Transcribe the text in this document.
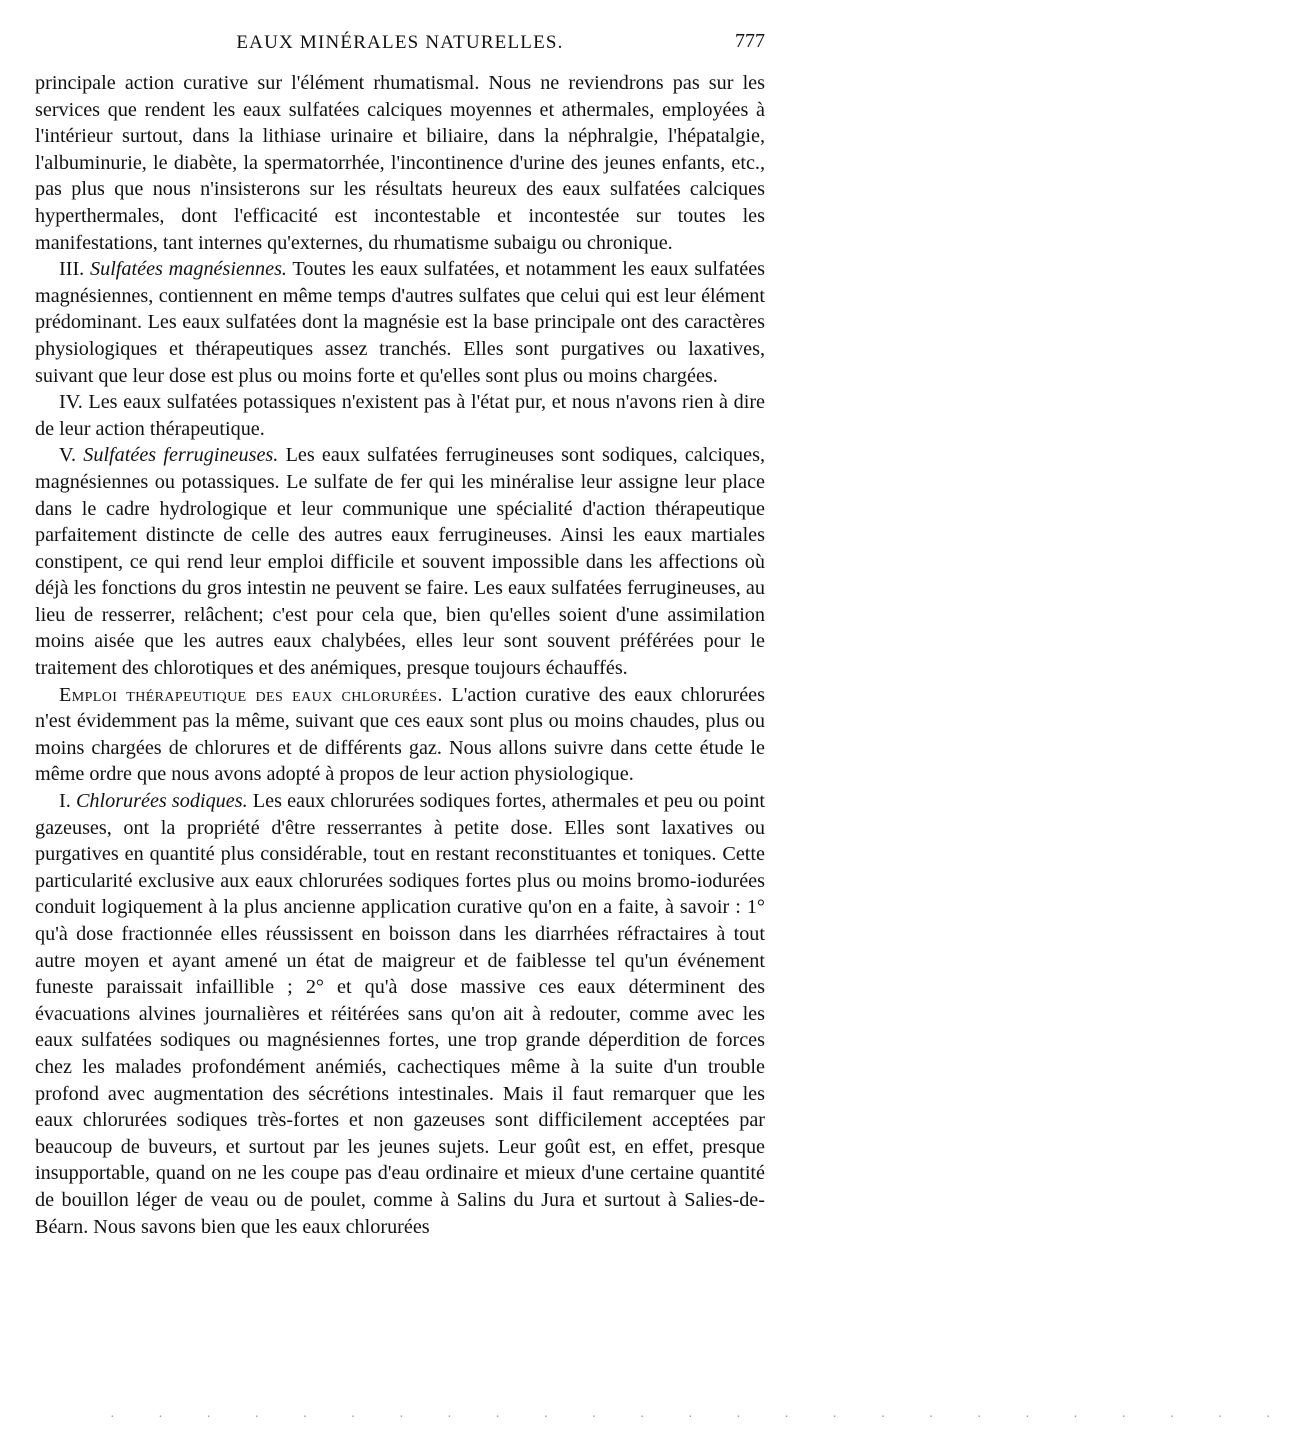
EAUX MINÉRALES NATURELLES.	777

principale action curative sur l'élément rhumatismal. Nous ne reviendrons pas sur les services que rendent les eaux sulfatées calciques moyennes et athermales, employées à l'intérieur surtout, dans la lithiase urinaire et biliaire, dans la néphralgie, l'hépatalgie, l'albuminurie, le diabète, la spermatorrhée, l'incontinence d'urine des jeunes enfants, etc., pas plus que nous n'insisterons sur les résultats heureux des eaux sulfatées calciques hyperthermales, dont l'efficacité est incontestable et incontestée sur toutes les manifestations, tant internes qu'externes, du rhumatisme subaigu ou chronique.

III. Sulfatées magnésiennes. Toutes les eaux sulfatées, et notamment les eaux sulfatées magnésiennes, contiennent en même temps d'autres sulfates que celui qui est leur élément prédominant. Les eaux sulfatées dont la magnésie est la base principale ont des caractères physiologiques et thérapeutiques assez tranchés. Elles sont purgatives ou laxatives, suivant que leur dose est plus ou moins forte et qu'elles sont plus ou moins chargées.

IV. Les eaux sulfatées potassiques n'existent pas à l'état pur, et nous n'avons rien à dire de leur action thérapeutique.

V. Sulfatées ferrugineuses. Les eaux sulfatées ferrugineuses sont sodiques, calciques, magnésiennes ou potassiques. Le sulfate de fer qui les minéralise leur assigne leur place dans le cadre hydrologique et leur communique une spécialité d'action thérapeutique parfaitement distincte de celle des autres eaux ferrugineuses. Ainsi les eaux martiales constipent, ce qui rend leur emploi difficile et souvent impossible dans les affections où déjà les fonctions du gros intestin ne peuvent se faire. Les eaux sulfatées ferrugineuses, au lieu de resserrer, relâchent; c'est pour cela que, bien qu'elles soient d'une assimilation moins aisée que les autres eaux chalybées, elles leur sont souvent préférées pour le traitement des chlorotiques et des anémiques, presque toujours échauffés.

Emploi thérapeutique des eaux chlorurées. L'action curative des eaux chlorurées n'est évidemment pas la même, suivant que ces eaux sont plus ou moins chaudes, plus ou moins chargées de chlorures et de différents gaz. Nous allons suivre dans cette étude le même ordre que nous avons adopté à propos de leur action physiologique.

I. Chlorurées sodiques. Les eaux chlorurées sodiques fortes, athermales et peu ou point gazeuses, ont la propriété d'être resserrantes à petite dose. Elles sont laxatives ou purgatives en quantité plus considérable, tout en restant reconstituantes et toniques. Cette particularité exclusive aux eaux chlorurées sodiques fortes plus ou moins bromo-iodurées conduit logiquement à la plus ancienne application curative qu'on en a faite, à savoir : 1° qu'à dose fractionnée elles réussissent en boisson dans les diarrhées réfractaires à tout autre moyen et ayant amené un état de maigreur et de faiblesse tel qu'un événement funeste paraissait infaillible ; 2° et qu'à dose massive ces eaux déterminent des évacuations alvines journalières et réitérées sans qu'on ait à redouter, comme avec les eaux sulfatées sodiques ou magnésiennes fortes, une trop grande déperdition de forces chez les malades profondément anémiés, cachectiques même à la suite d'un trouble profond avec augmentation des sécrétions intestinales. Mais il faut remarquer que les eaux chlorurées sodiques très-fortes et non gazeuses sont difficilement acceptées par beaucoup de buveurs, et surtout par les jeunes sujets. Leur goût est, en effet, presque insupportable, quand on ne les coupe pas d'eau ordinaire et mieux d'une certaine quantité de bouillon léger de veau ou de poulet, comme à Salins du Jura et surtout à Salies-de-Béarn. Nous savons bien que les eaux chlorurées

· · · · · · · · · · · · · · · · · · · · · · · · ·
